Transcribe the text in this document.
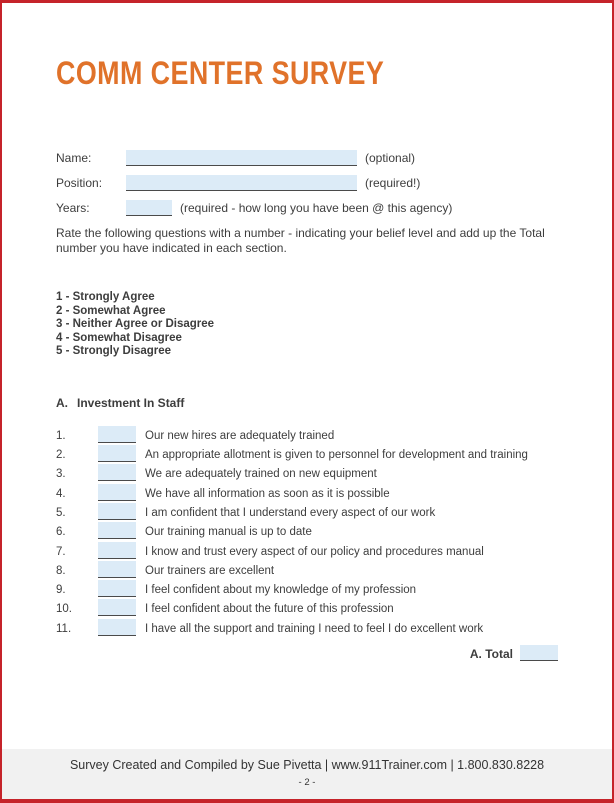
COMM CENTER SURVEY
Name:	(optional)
Position:	(required!)
Years:	(required - how long you have been @ this agency)

Rate the following questions with a number - indicating your belief level and add up the Total number you have indicated in each section.

1 - Strongly Agree
2 - Somewhat Agree
3 - Neither Agree or Disagree
4 - Somewhat Disagree
5 - Strongly Disagree
A. Investment In Staff
1.	Our new hires are adequately trained
2.	An appropriate allotment is given to personnel for development and training
3.	We are adequately trained on new equipment
4.	We have all information as soon as it is possible
5.	I am confident that I understand every aspect of our work
6.	Our training manual is up to date
7.	I know and trust every aspect of our policy and procedures manual
8.	Our trainers are excellent
9.	I feel confident about my knowledge of my profession
10.	I feel confident about the future of this profession
11.	I have all the support and training I need to feel I do excellent work
A. Total
Survey Created and Compiled by Sue Pivetta | www.911Trainer.com | 1.800.830.8228
- 2 -
